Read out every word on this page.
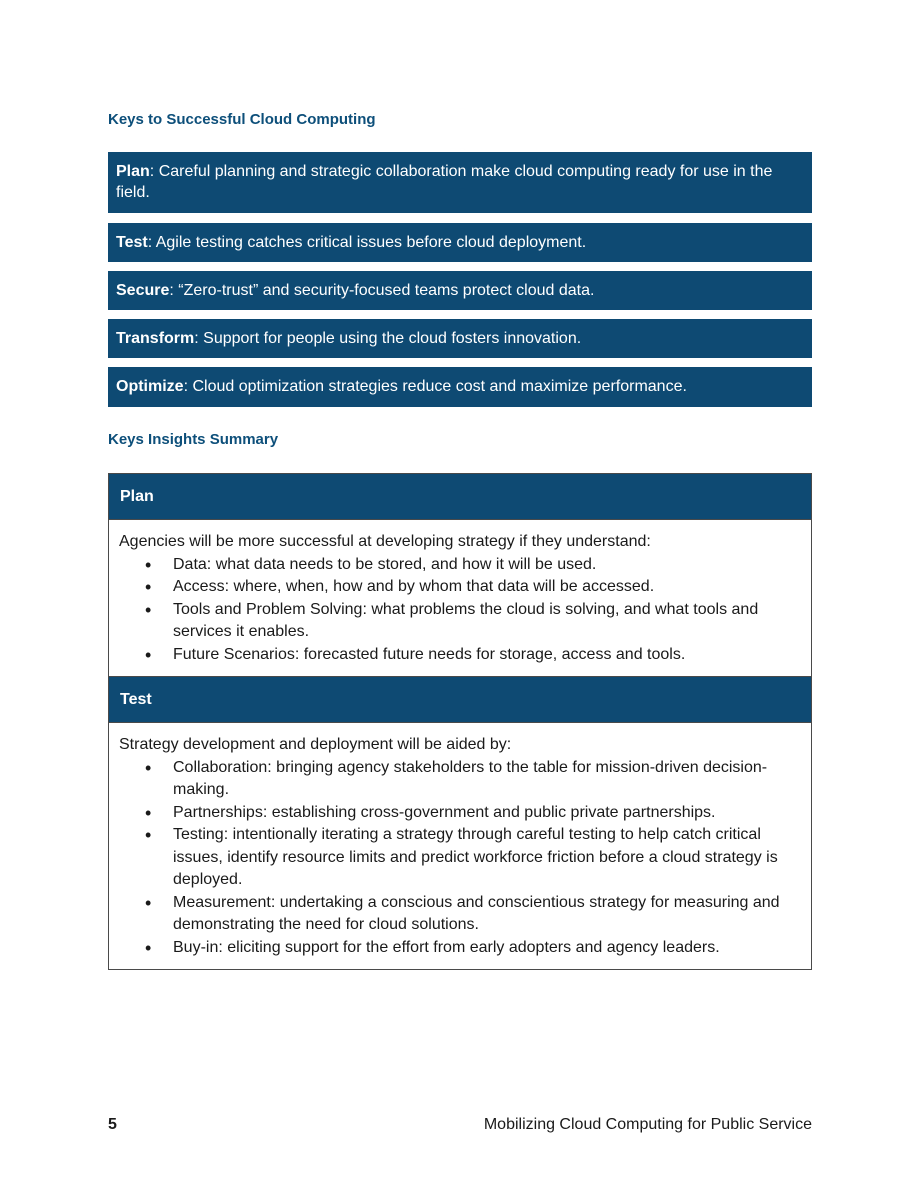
Keys to Successful Cloud Computing
Plan: Careful planning and strategic collaboration make cloud computing ready for use in the field.
Test: Agile testing catches critical issues before cloud deployment.
Secure: “Zero-trust” and security-focused teams protect cloud data.
Transform: Support for people using the cloud fosters innovation.
Optimize: Cloud optimization strategies reduce cost and maximize performance.
Keys Insights Summary
Plan
Agencies will be more successful at developing strategy if they understand:
• Data: what data needs to be stored, and how it will be used.
• Access: where, when, how and by whom that data will be accessed.
• Tools and Problem Solving: what problems the cloud is solving, and what tools and services it enables.
• Future Scenarios: forecasted future needs for storage, access and tools.
Test
Strategy development and deployment will be aided by:
• Collaboration: bringing agency stakeholders to the table for mission-driven decision-making.
• Partnerships: establishing cross-government and public private partnerships.
• Testing: intentionally iterating a strategy through careful testing to help catch critical issues, identify resource limits and predict workforce friction before a cloud strategy is deployed.
• Measurement: undertaking a conscious and conscientious strategy for measuring and demonstrating the need for cloud solutions.
• Buy-in: eliciting support for the effort from early adopters and agency leaders.
5	Mobilizing Cloud Computing for Public Service
